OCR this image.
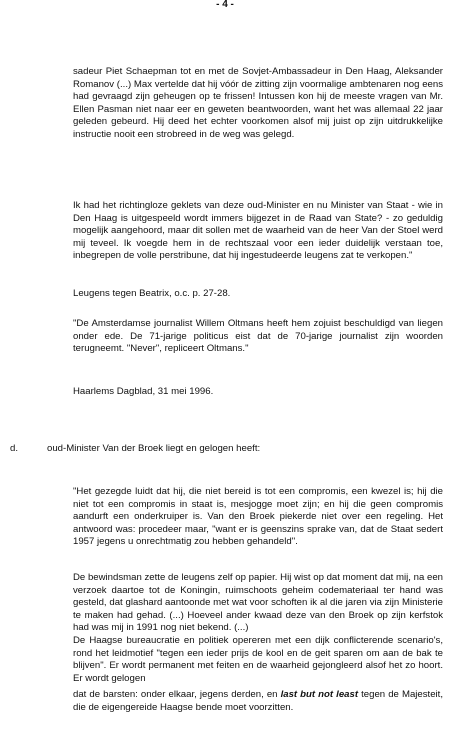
- 4 -
sadeur Piet Schaepman tot en met de Sovjet-Ambassadeur in Den Haag, Aleksander Romanov (...) Max vertelde dat hij vóór de zitting zijn voormalige ambtenaren nog eens had gevraagd zijn geheugen op te frissen! Intussen kon hij de meeste vragen van Mr. Ellen Pasman niet naar eer en geweten beantwoorden, want het was allemaal 22 jaar geleden gebeurd. Hij deed het echter voorkomen alsof mij juist op zijn uitdrukkelijke instructie nooit een strobreed in de weg was gelegd.
Ik had het richtingloze geklets van deze oud-Minister en nu Minister van Staat - wie in Den Haag is uitgespeeld wordt immers bijgezet in de Raad van State? - zo geduldig mogelijk aangehoord, maar dit sollen met de waarheid van de heer Van der Stoel werd mij teveel. Ik voegde hem in de rechtszaal voor een ieder duidelijk verstaan toe, inbegrepen de volle perstribune, dat hij ingestudeerde leugens zat te verkopen."
Leugens tegen Beatrix, o.c. p. 27-28.
"De Amsterdamse journalist Willem Oltmans heeft hem zojuist beschuldigd van liegen onder ede. De 71-jarige politicus eist dat de 70-jarige journalist zijn woorden terugneemt. "Never", repliceert Oltmans."
Haarlems Dagblad, 31 mei 1996.
d.	oud-Minister Van der Broek liegt en gelogen heeft:
"Het gezegde luidt dat hij, die niet bereid is tot een compromis, een kwezel is; hij die niet tot een compromis in staat is, mesjogge moet zijn; en hij die geen compromis aandurft een onderkruiper is. Van den Broek piekerde niet over een regeling. Het antwoord was: procedeer maar, "want er is geenszins sprake van, dat de Staat sedert 1957 jegens u onrechtmatig zou hebben gehandeld".
De bewindsman zette de leugens zelf op papier. Hij wist op dat moment dat mij, na een verzoek daartoe tot de Koningin, ruimschoots geheim codemateriaal ter hand was gesteld, dat glashard aantoonde met wat voor schoften ik al die jaren via zijn Ministerie te maken had gehad. (...) Hoeveel ander kwaad deze van den Broek op zijn kerfstok had was mij in 1991 nog niet bekend. (...)
De Haagse bureaucratie en politiek opereren met een dijk conflicterende scenario's, rond het leidmotief "tegen een ieder prijs de kool en de geit sparen om aan de bak te blijven". Er wordt permanent met feiten en de waarheid gejongleerd alsof het zo hoort. Er wordt gelogen
dat de barsten: onder elkaar, jegens derden, en last but not least tegen de Majesteit, die de eigengereide Haagse bende moet voorzitten.
